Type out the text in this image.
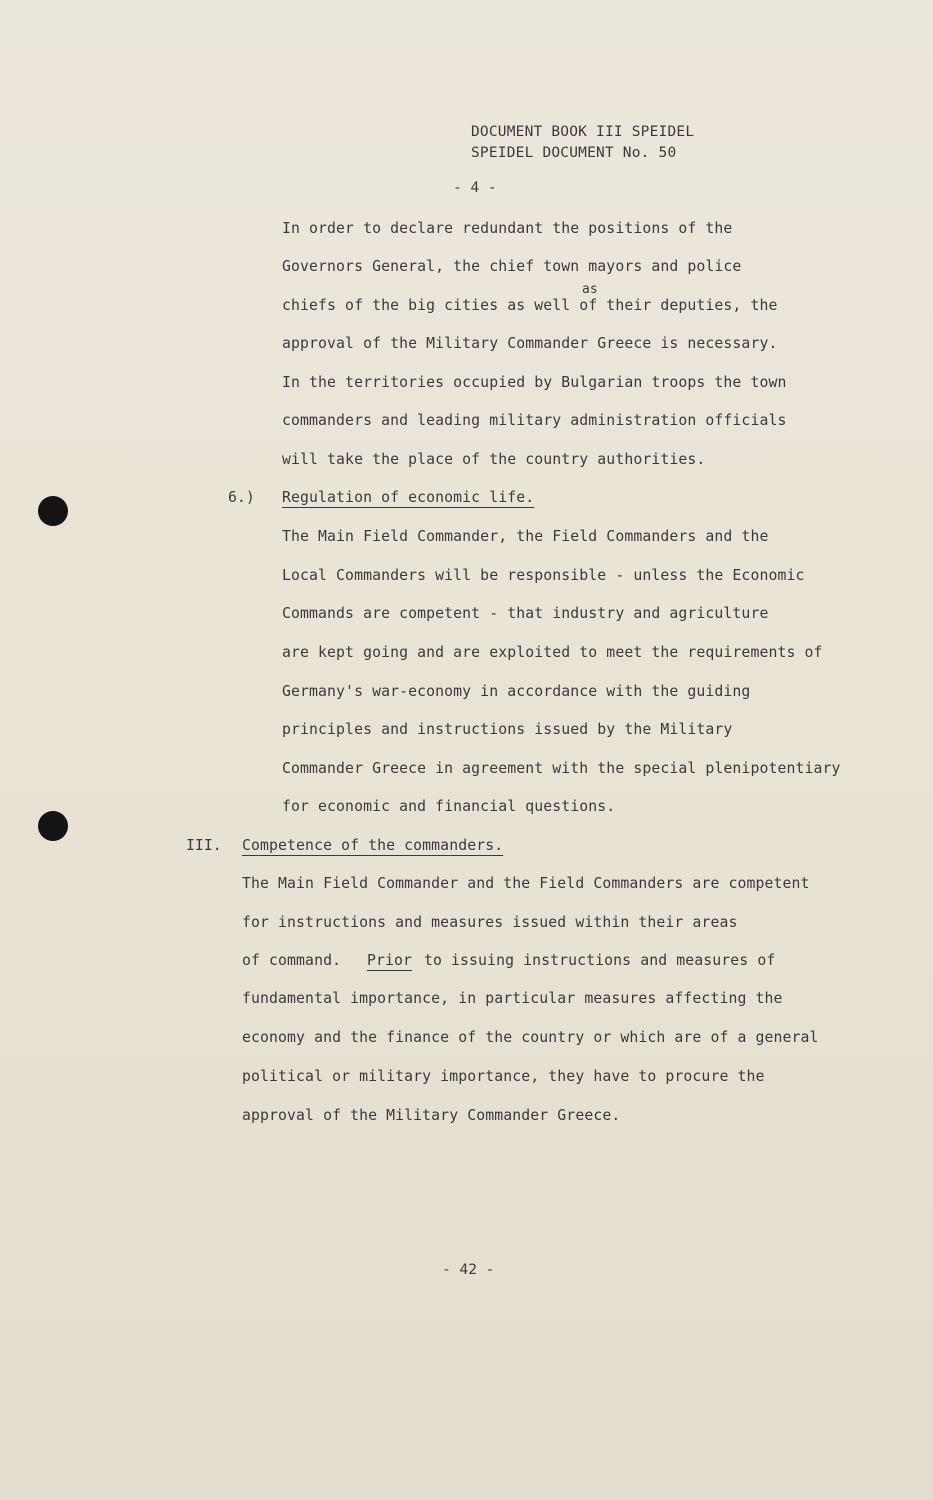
DOCUMENT BOOK III SPEIDEL
SPEIDEL DOCUMENT No. 50
- 4 -
In order to declare redundant the positions of the
Governors General, the chief town mayors and police
as
chiefs of the big cities as well of their deputies, the
approval of the Military Commander Greece is necessary.
In the territories occupied by Bulgarian troops the town
commanders and leading military administration officials
will take the place of the country authorities.
6.) Regulation of economic life.
The Main Field Commander, the Field Commanders and the
Local Commanders will be responsible - unless the Economic
Commands are competent - that industry and agriculture
are kept going and are exploited to meet the requirements of
Germany's war-economy in accordance with the guiding
principles and instructions issued by the Military
Commander Greece in agreement with the special plenipotentiary
for economic and financial questions.
III. Competence of the commanders.
The Main Field Commander and the Field Commanders are competent
for instructions and measures issued within their areas
of command. Prior to issuing instructions and measures of
fundamental importance, in particular measures affecting the
economy and the finance of the country or which are of a general
political or military importance, they have to procure the
approval of the Military Commander Greece.
- 42 -
